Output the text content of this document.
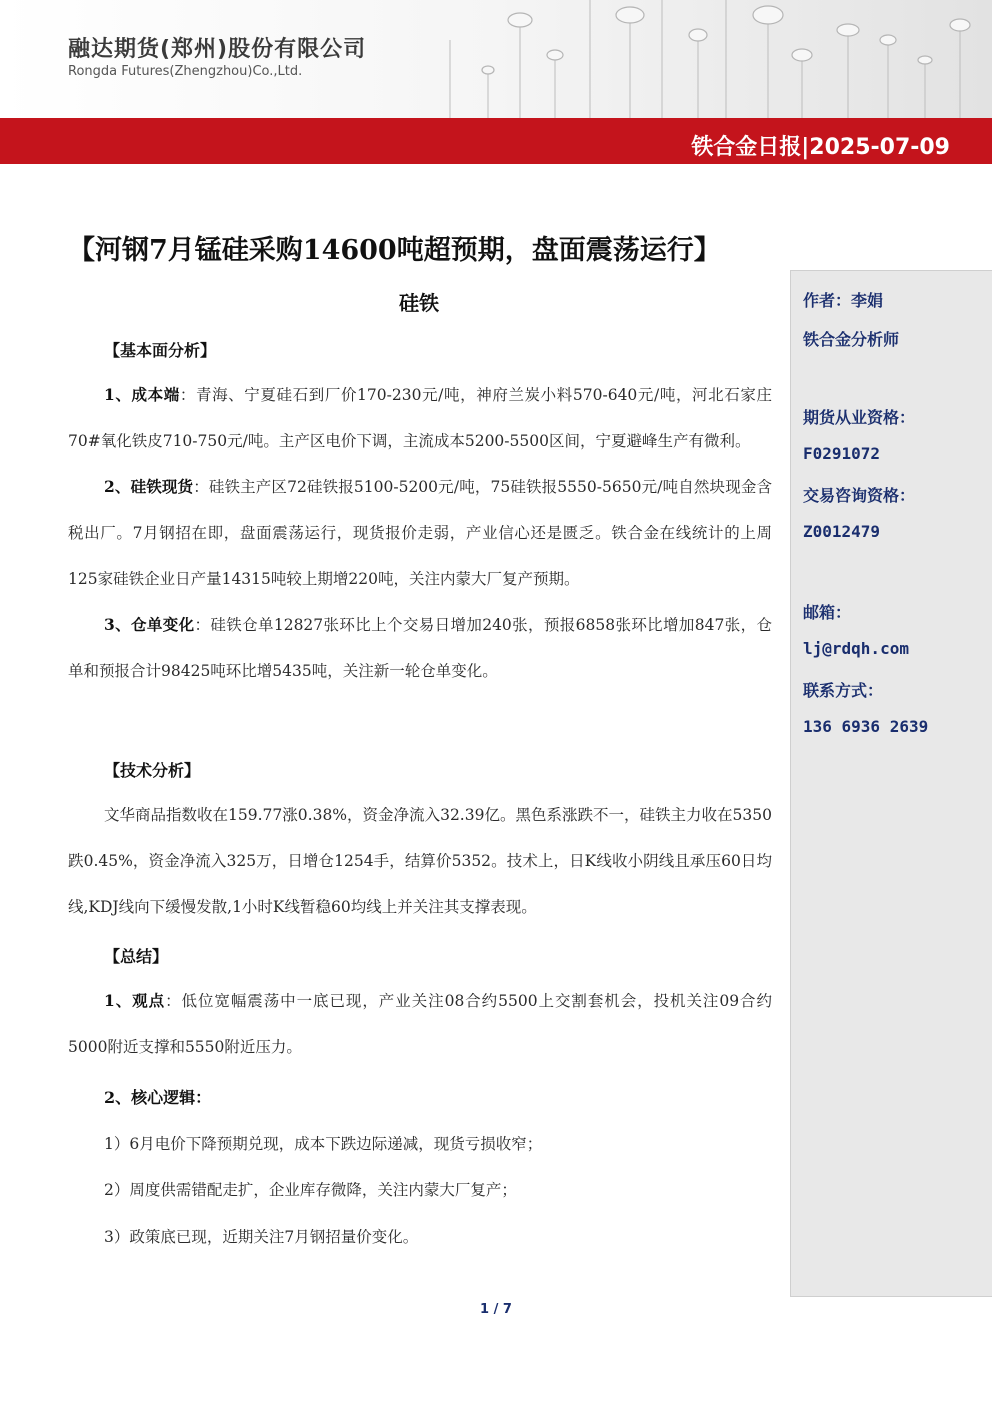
融达期货(郑州)股份有限公司
Rongda Futures(Zhengzhou)Co.,Ltd.
铁合金日报|2025-07-09
【河钢7月锰硅采购14600吨超预期，盘面震荡运行】
硅铁	作者：李娟
铁合金分析师
期货从业资格：
F0291072
交易咨询资格：
Z0012479
邮箱：
lj@rdqh.com
联系方式：
136 6936 2639
【基本面分析】

1、成本端：青海、宁夏硅石到厂价170-230元/吨，神府兰炭小料570-640元/吨，河北石家庄70#氧化铁皮710-750元/吨。主产区电价下调，主流成本5200-5500区间，宁夏避峰生产有微利。

2、硅铁现货：硅铁主产区72硅铁报5100-5200元/吨，75硅铁报5550-5650元/吨自然块现金含税出厂。7月钢招在即，盘面震荡运行，现货报价走弱，产业信心还是匮乏。铁合金在线统计的上周125家硅铁企业日产量14315吨较上期增220吨，关注内蒙大厂复产预期。

3、仓单变化：硅铁仓单12827张环比上个交易日增加240张，预报6858张环比增加847张，仓单和预报合计98425吨环比增5435吨，关注新一轮仓单变化。

【技术分析】

文华商品指数收在159.77涨0.38%，资金净流入32.39亿。黑色系涨跌不一，硅铁主力收在5350跌0.45%，资金净流入325万，日增仓1254手，结算价5352。技术上，日K线收小阴线且承压60日均线,KDJ线向下缓慢发散,1小时K线暂稳60均线上并关注其支撑表现。

【总结】

1、观点：低位宽幅震荡中一底已现，产业关注08合约5500上交割套机会，投机关注09合约5000附近支撑和5550附近压力。

2、核心逻辑：
1）6月电价下降预期兑现，成本下跌边际递减，现货亏损收窄；
2）周度供需错配走扩，企业库存微降，关注内蒙大厂复产；
3）政策底已现，近期关注7月钢招量价变化。
1 / 7
